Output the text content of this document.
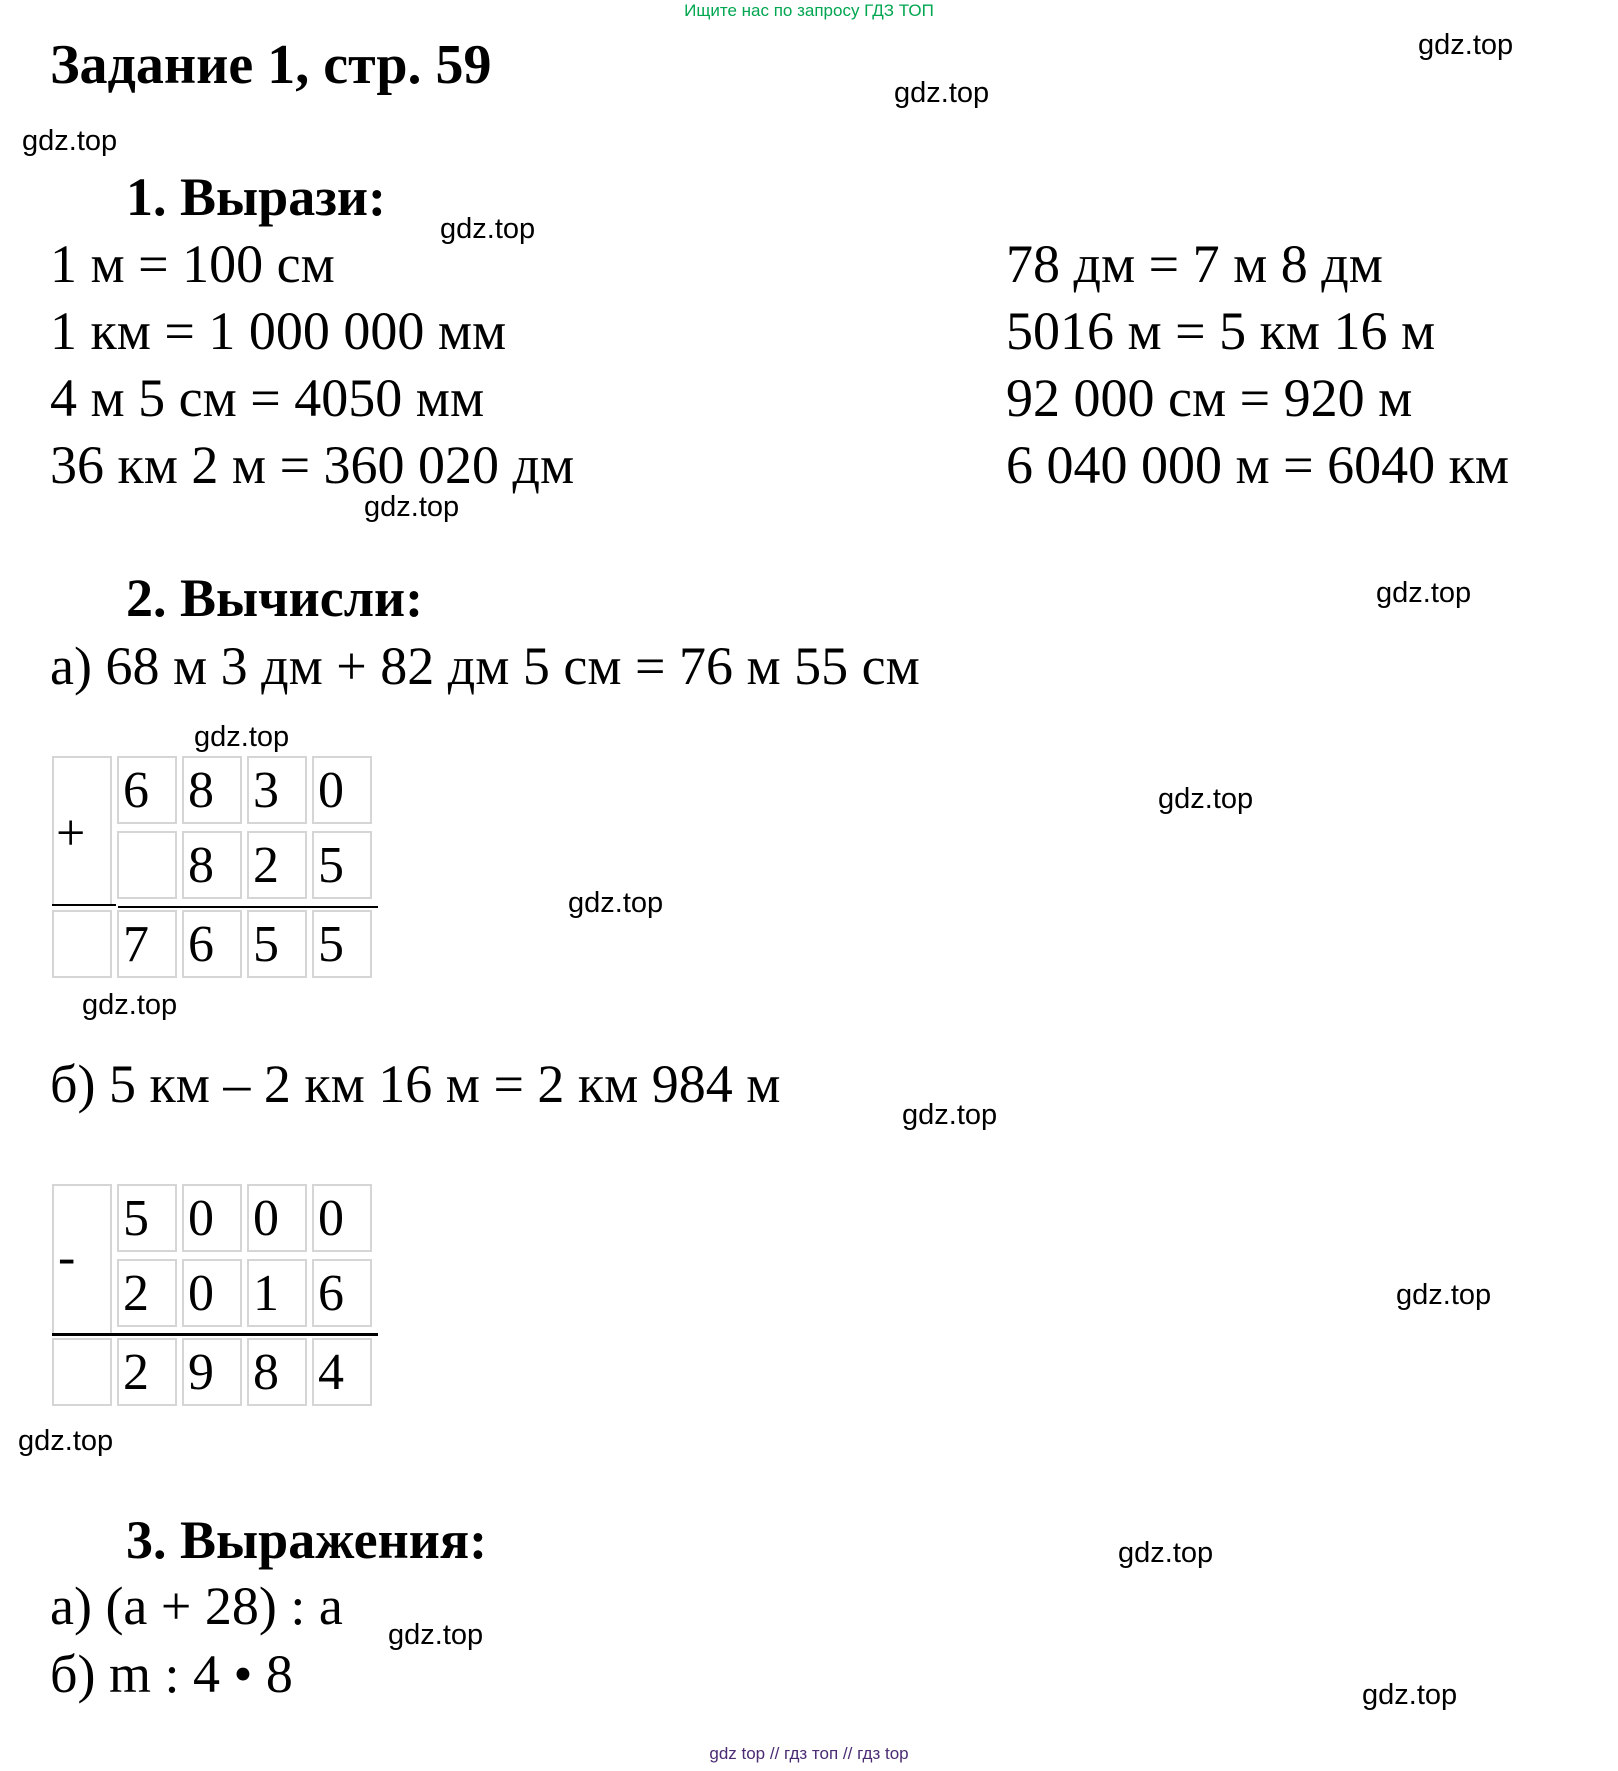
Ищите нас по запросу ГДЗ ТОП
Задание 1, стр. 59	gdz.top
gdz.top
gdz.top
gdz.top
gdz.top
gdz.top
gdz.top
gdz.top
gdz.top
gdz.top
gdz.top
gdz.top
gdz.top
gdz.top
gdz.top
gdz.top
1. Вырази:
1 м = 100 см
1 км = 1 000 000 мм
4 м 5 см = 4050 мм
36 км 2 м = 360 020 дм
78 дм = 7 м 8 дм
5016 м = 5 км 16 м
92 000 см = 920 м
6 040 000 м = 6040 км
2. Вычисли:
а) 68 м 3 дм + 82 дм 5 см = 76 м 55 см
+
6 8 3 0
8 2 5
7 6 5 5
б) 5 км – 2 км 16 м = 2 км 984 м
-
5 0 0 0
2 0 1 6
2 9 8 4
3. Выражения:
а) (а + 28) : а
б) m : 4 • 8
gdz top // гдз топ // гдз top
